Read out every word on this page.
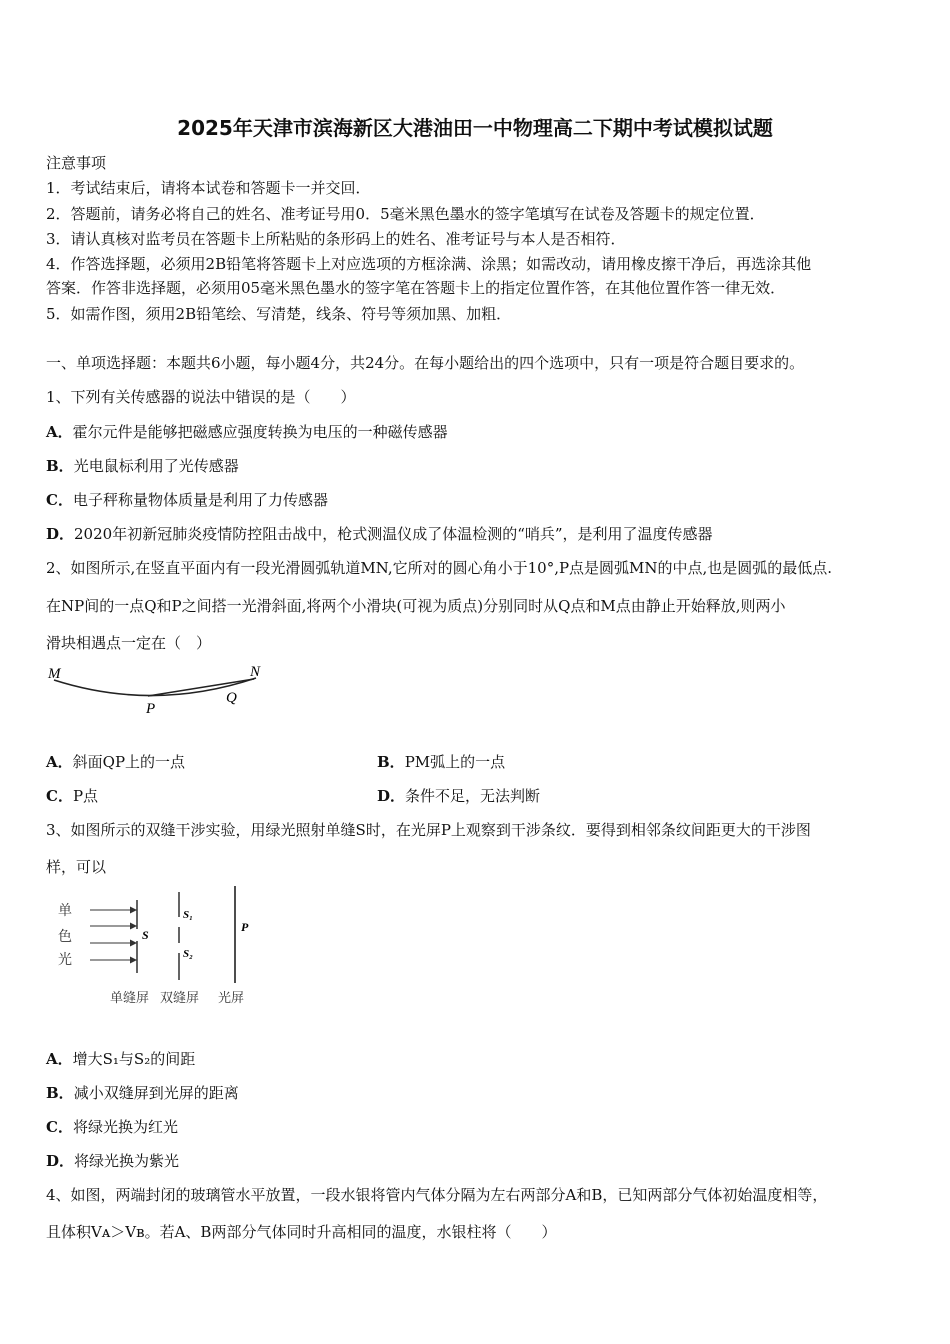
2025年天津市滨海新区大港油田一中物理高二下期中考试模拟试题
注意事项
1．考试结束后，请将本试卷和答题卡一并交回．
2．答题前，请务必将自己的姓名、准考证号用0．5毫米黑色墨水的签字笔填写在试卷及答题卡的规定位置．
3．请认真核对监考员在答题卡上所粘贴的条形码上的姓名、准考证号与本人是否相符．
4．作答选择题，必须用2B铅笔将答题卡上对应选项的方框涂满、涂黑；如需改动，请用橡皮擦干净后，再选涂其他
答案．作答非选择题，必须用05毫米黑色墨水的签字笔在答题卡上的指定位置作答，在其他位置作答一律无效．
5．如需作图，须用2B铅笔绘、写清楚，线条、符号等须加黑、加粗．
一、单项选择题：本题共6小题，每小题4分，共24分。在每小题给出的四个选项中，只有一项是符合题目要求的。
1、下列有关传感器的说法中错误的是（　　）
A．霍尔元件是能够把磁感应强度转换为电压的一种磁传感器
B．光电鼠标利用了光传感器
C．电子秤称量物体质量是利用了力传感器
D．2020年初新冠肺炎疫情防控阻击战中，枪式测温仪成了体温检测的“哨兵”，是利用了温度传感器
2、如图所示,在竖直平面内有一段光滑圆弧轨道MN,它所对的圆心角小于10°,P点是圆弧MN的中点,也是圆弧的最低点.
在NP间的一点Q和P之间搭一光滑斜面,将两个小滑块(可视为质点)分别同时从Q点和M点由静止开始释放,则两小
滑块相遇点一定在（　）
M	N
P
Q
A．斜面QP上的一点	B．PM弧上的一点
C．P点	D．条件不足，无法判断
3、如图所示的双缝干涉实验，用绿光照射单缝S时，在光屏P上观察到干涉条纹．要得到相邻条纹间距更大的干涉图
样，可以
单
色
光
S
S₁
S₂
P
单缝屏 双缝屏 光屏
A．增大S₁与S₂的间距
B．减小双缝屏到光屏的距离
C．将绿光换为红光
D．将绿光换为紫光
4、如图，两端封闭的玻璃管水平放置，一段水银将管内气体分隔为左右两部分A和B，已知两部分气体初始温度相等，
且体积Vᴀ＞Vʙ。若A、B两部分气体同时升高相同的温度，水银柱将（　　）
